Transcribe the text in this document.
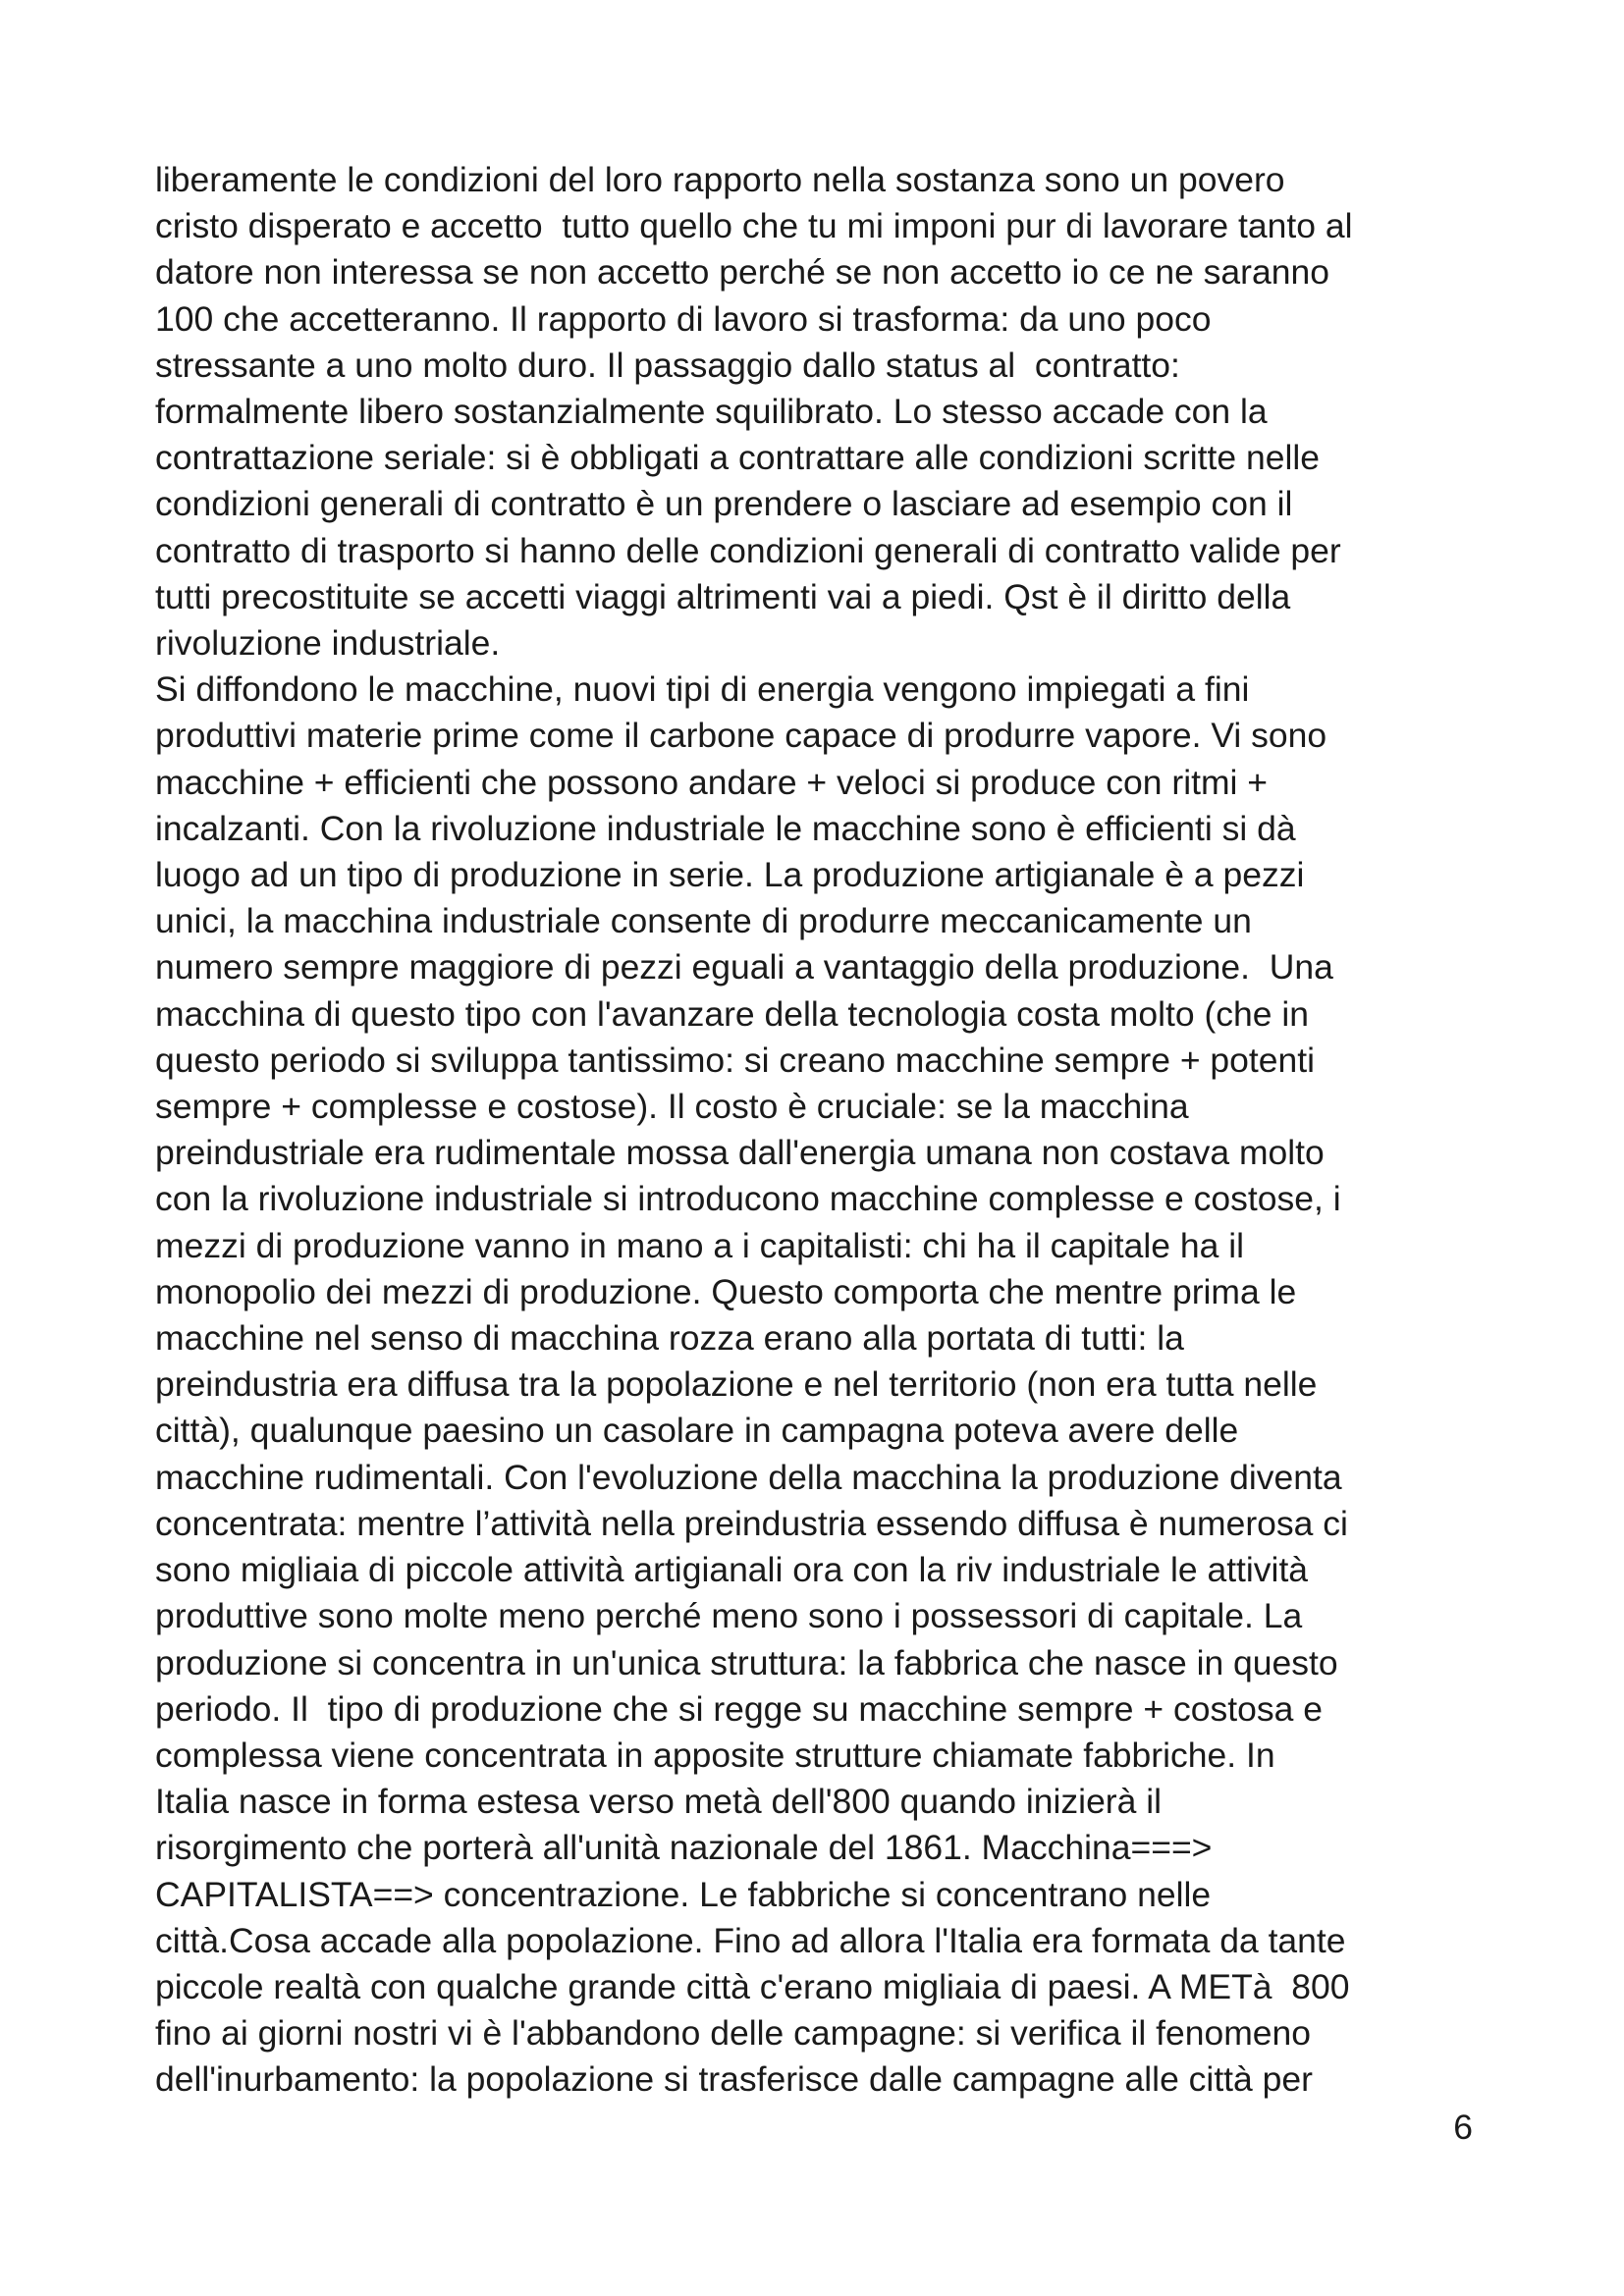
liberamente le condizioni del loro rapporto nella sostanza sono un povero
cristo disperato e accetto  tutto quello che tu mi imponi pur di lavorare tanto al
datore non interessa se non accetto perché se non accetto io ce ne saranno
100 che accetteranno. Il rapporto di lavoro si trasforma: da uno poco
stressante a uno molto duro. Il passaggio dallo status al  contratto:
formalmente libero sostanzialmente squilibrato. Lo stesso accade con la
contrattazione seriale: si è obbligati a contrattare alle condizioni scritte nelle
condizioni generali di contratto è un prendere o lasciare ad esempio con il
contratto di trasporto si hanno delle condizioni generali di contratto valide per
tutti precostituite se accetti viaggi altrimenti vai a piedi. Qst è il diritto della
rivoluzione industriale.
Si diffondono le macchine, nuovi tipi di energia vengono impiegati a fini
produttivi materie prime come il carbone capace di produrre vapore. Vi sono
macchine + efficienti che possono andare + veloci si produce con ritmi +
incalzanti. Con la rivoluzione industriale le macchine sono è efficienti si dà
luogo ad un tipo di produzione in serie. La produzione artigianale è a pezzi
unici, la macchina industriale consente di produrre meccanicamente un
numero sempre maggiore di pezzi eguali a vantaggio della produzione.  Una
macchina di questo tipo con l'avanzare della tecnologia costa molto (che in
questo periodo si sviluppa tantissimo: si creano macchine sempre + potenti
sempre + complesse e costose). Il costo è cruciale: se la macchina
preindustriale era rudimentale mossa dall'energia umana non costava molto
con la rivoluzione industriale si introducono macchine complesse e costose, i
mezzi di produzione vanno in mano a i capitalisti: chi ha il capitale ha il
monopolio dei mezzi di produzione. Questo comporta che mentre prima le
macchine nel senso di macchina rozza erano alla portata di tutti: la
preindustria era diffusa tra la popolazione e nel territorio (non era tutta nelle
città), qualunque paesino un casolare in campagna poteva avere delle
macchine rudimentali. Con l'evoluzione della macchina la produzione diventa
concentrata: mentre l’attività nella preindustria essendo diffusa è numerosa ci
sono migliaia di piccole attività artigianali ora con la riv industriale le attività
produttive sono molte meno perché meno sono i possessori di capitale. La
produzione si concentra in un'unica struttura: la fabbrica che nasce in questo
periodo. Il  tipo di produzione che si regge su macchine sempre + costosa e
complessa viene concentrata in apposite strutture chiamate fabbriche. In
Italia nasce in forma estesa verso metà dell'800 quando inizierà il
risorgimento che porterà all'unità nazionale del 1861. Macchina===>
CAPITALISTA==> concentrazione. Le fabbriche si concentrano nelle
città.Cosa accade alla popolazione. Fino ad allora l'Italia era formata da tante
piccole realtà con qualche grande città c'erano migliaia di paesi. A METà  800
fino ai giorni nostri vi è l'abbandono delle campagne: si verifica il fenomeno
dell'inurbamento: la popolazione si trasferisce dalle campagne alle città per
6
